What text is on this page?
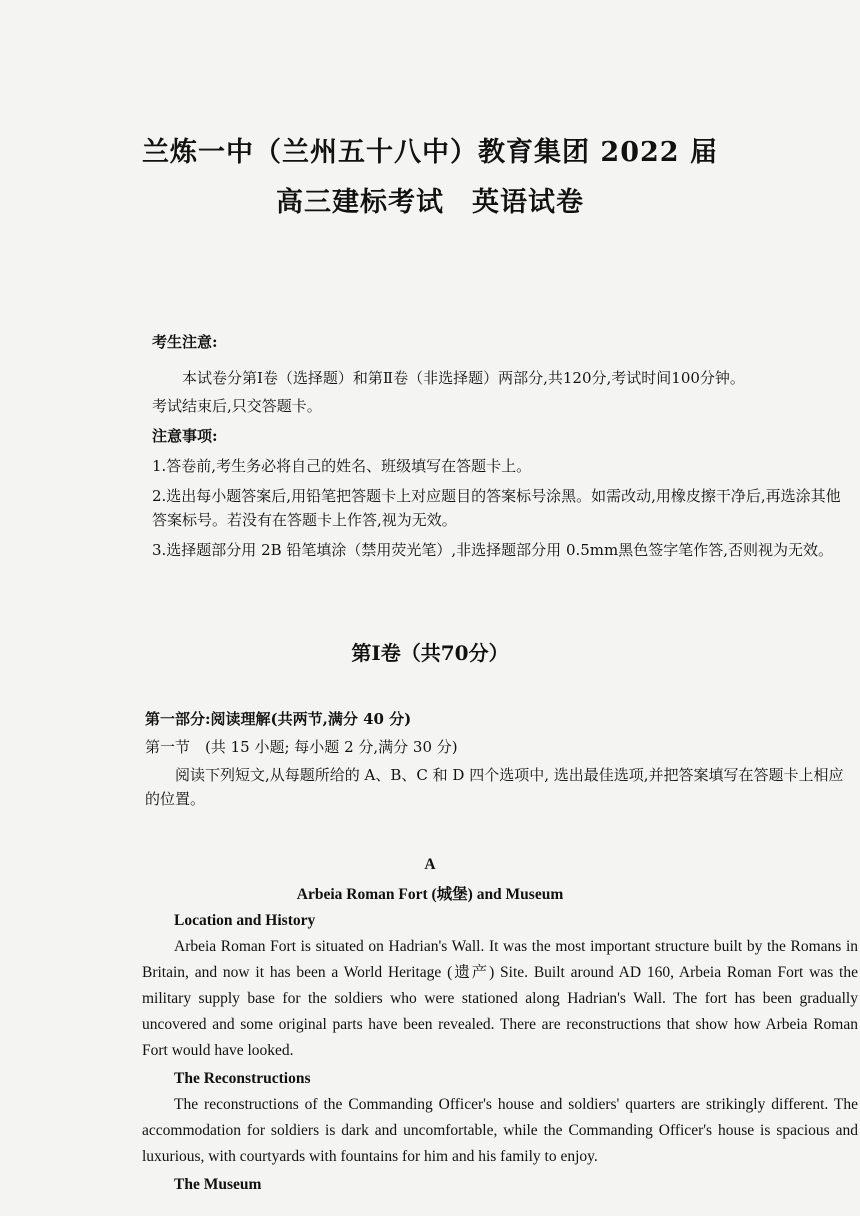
兰炼一中（兰州五十八中）教育集团 2022 届
高三建标考试　英语试卷
考生注意:
本试卷分第Ⅰ卷（选择题）和第Ⅱ卷（非选择题）两部分,共120分,考试时间100分钟。
考试结束后,只交答题卡。
注意事项:
1.答卷前,考生务必将自己的姓名、班级填写在答题卡上。
2.选出每小题答案后,用铅笔把答题卡上对应题目的答案标号涂黑。如需改动,用橡皮擦干净后,再选涂其他答案标号。若没有在答题卡上作答,视为无效。
3.选择题部分用 2B 铅笔填涂（禁用荧光笔）,非选择题部分用 0.5mm黑色签字笔作答,否则视为无效。
第Ⅰ卷（共70分）
第一部分:阅读理解(共两节,满分 40 分)
第一节　(共 15 小题; 每小题 2 分,满分 30 分)
阅读下列短文,从每题所给的 A、B、C 和 D 四个选项中, 选出最佳选项,并把答案填写在答题卡上相应的位置。
A
Arbeia Roman Fort (城堡) and Museum
Location and History
Arbeia Roman Fort is situated on Hadrian's Wall. It was the most important structure built by the Romans in Britain, and now it has been a World Heritage (遗产) Site. Built around AD 160, Arbeia Roman Fort was the military supply base for the soldiers who were stationed along Hadrian's Wall. The fort has been gradually uncovered and some original parts have been revealed. There are reconstructions that show how Arbeia Roman Fort would have looked.
The Reconstructions
The reconstructions of the Commanding Officer's house and soldiers' quarters are strikingly different. The accommodation for soldiers is dark and uncomfortable, while the Commanding Officer's house is spacious and luxurious, with courtyards with fountains for him and his family to enjoy.
The Museum
